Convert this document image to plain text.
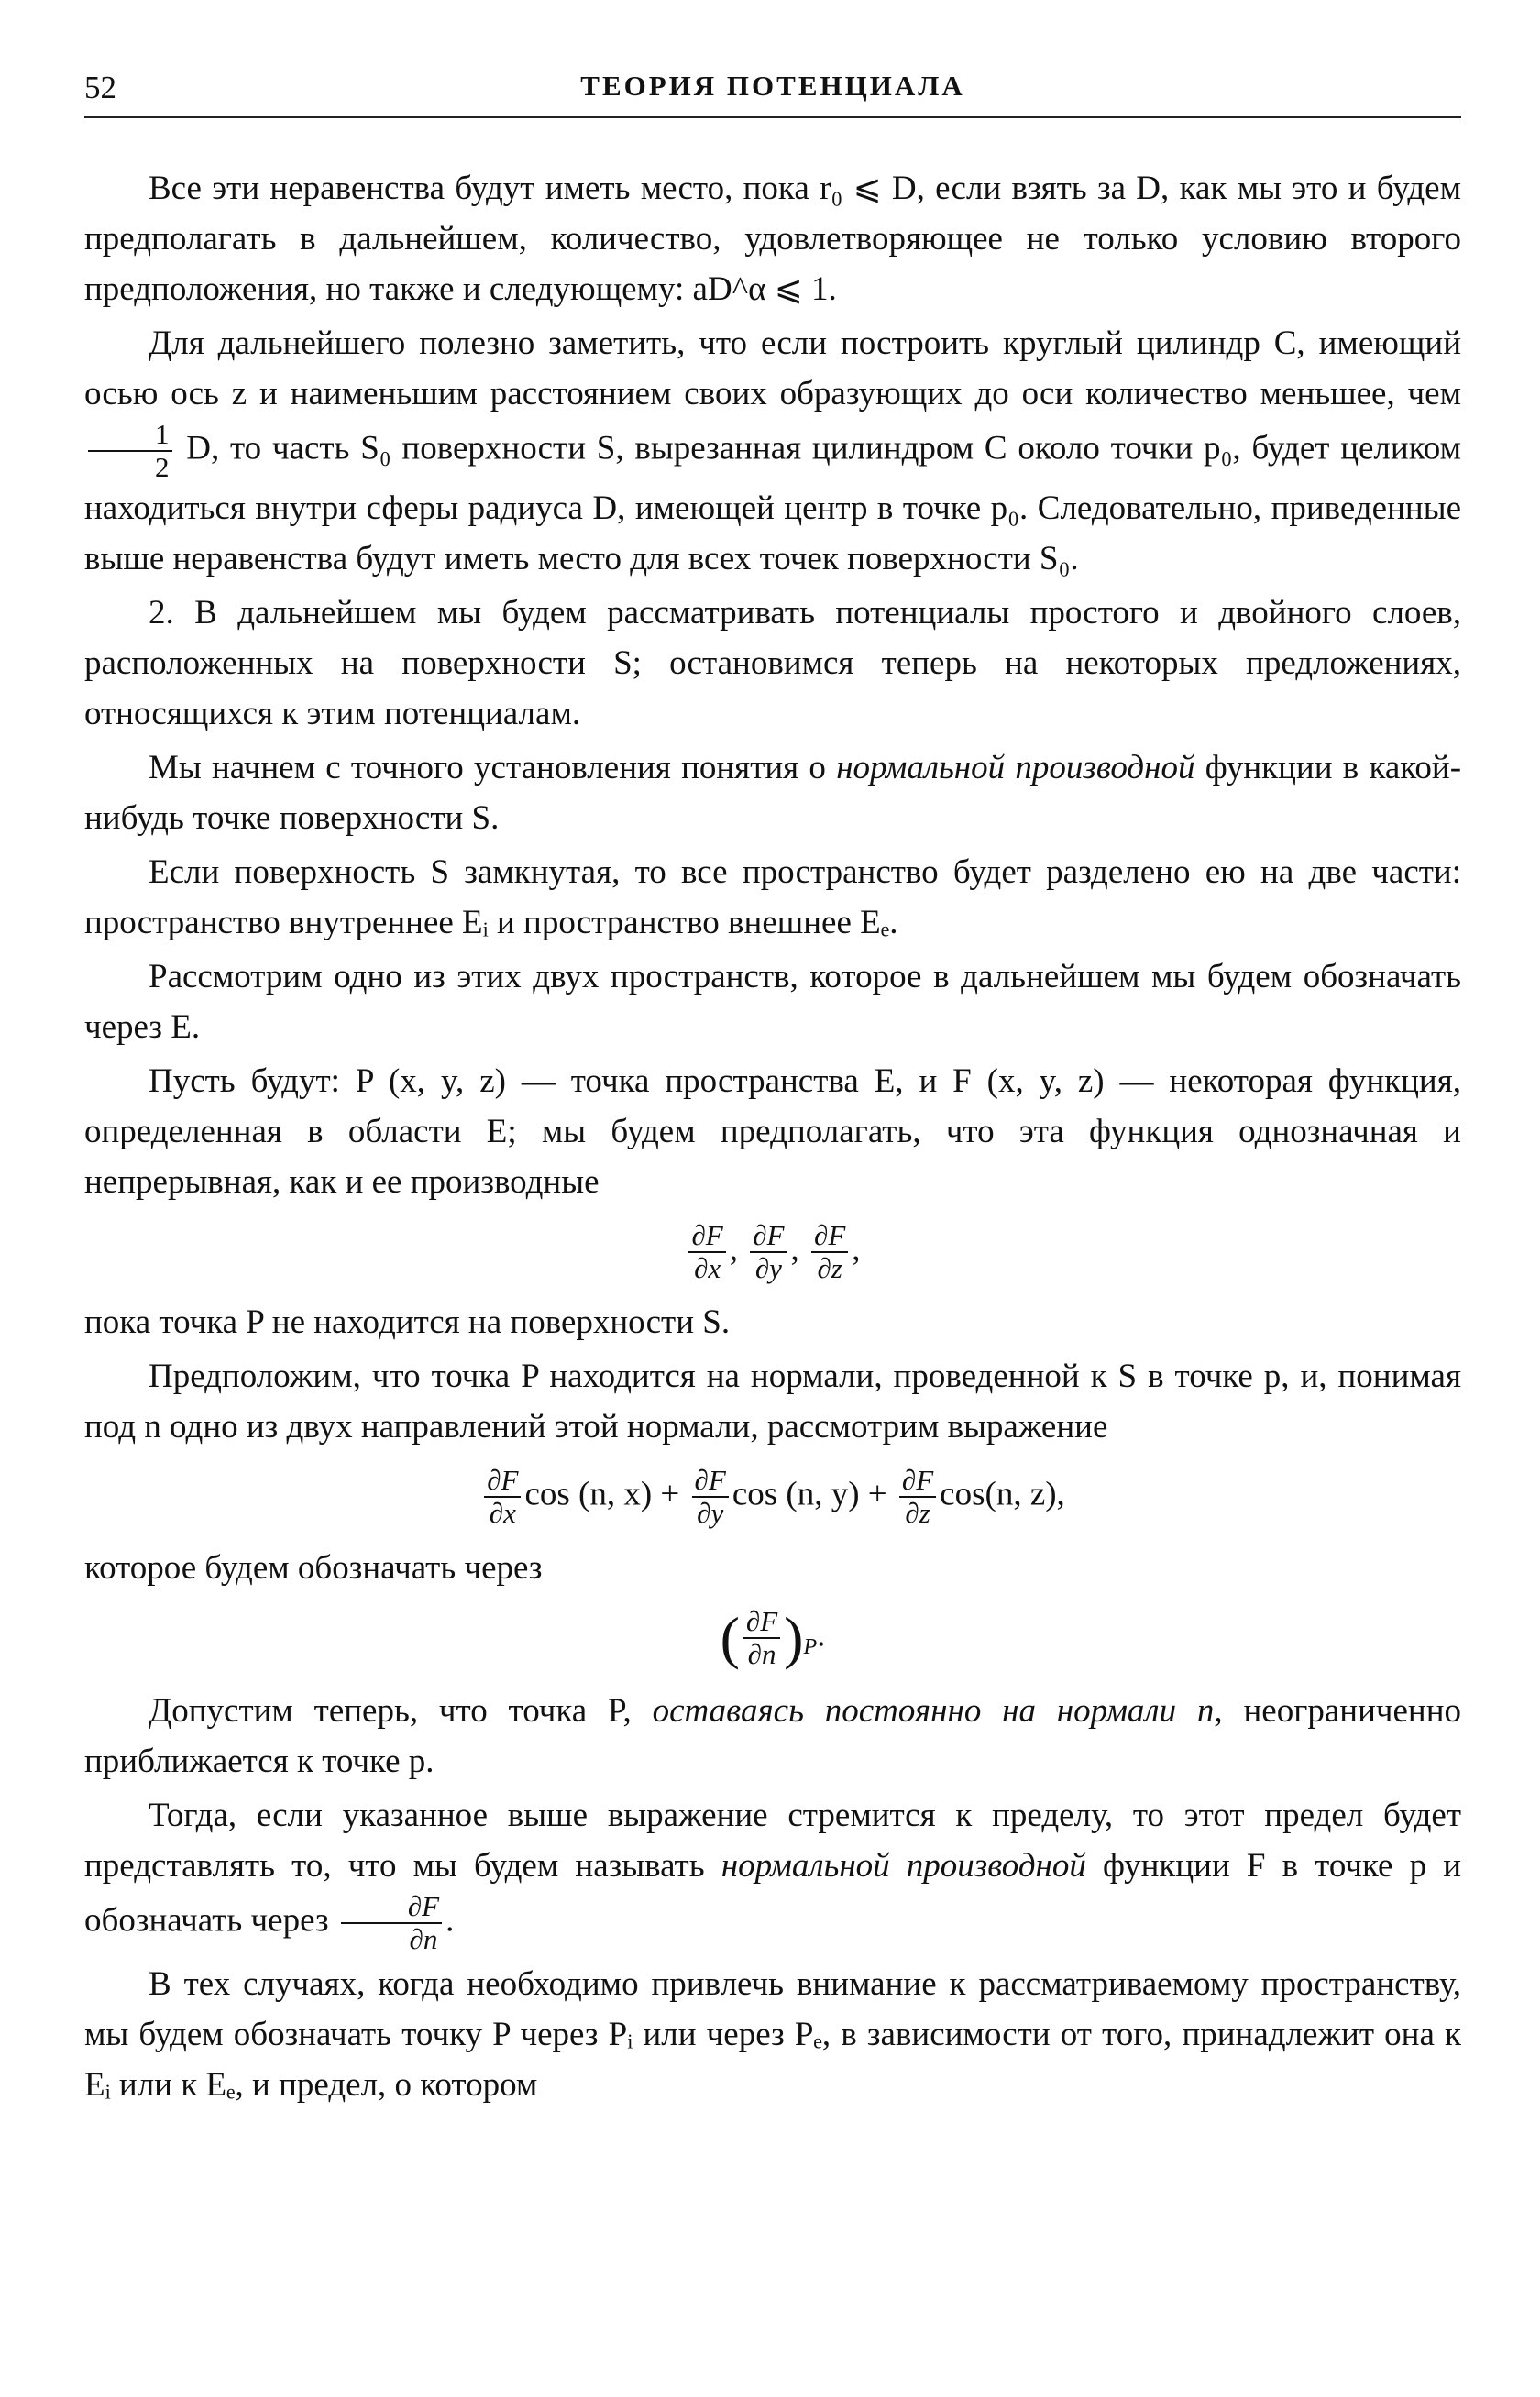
52	ТЕОРИЯ ПОТЕНЦИАЛА

Все эти неравенства будут иметь место, пока r₀ ⩽ D, если взять за D, как мы это и будем предполагать в дальнейшем, количество, удовлетворяющее не только условию второго предположения, но также и следующему: aD^α ⩽ 1.

Для дальнейшего полезно заметить, что если построить круглый цилиндр C, имеющий осью ось z и наименьшим расстоянием своих образующих до оси количество меньшее, чем
$\frac{1}{2} D$, то часть S₀ поверхности S, вырезанная цилиндром C около точки p₀, будет целиком находиться внутри сферы радиуса D, имеющей центр в точке p₀. Следовательно, приведенные выше неравенства будут иметь место для всех точек поверхности S₀.

2. В дальнейшем мы будем рассматривать потенциалы простого и двойного слоев, расположенных на поверхности S; остановимся теперь на некоторых предложениях, относящихся к этим потенциалам.

Мы начнем с точного установления понятия о нормальной производной функции в какой-нибудь точке поверхности S.

Если поверхность S замкнутая, то все пространство будет разделено ею на две части: пространство внутреннее Eᵢ и пространство внешнее Eₑ.

Рассмотрим одно из этих двух пространств, которое в дальнейшем мы будем обозначать через E.

Пусть будут: P (x, y, z) — точка пространства E, и F (x, y, z) — некоторая функция, определенная в области E; мы будем предполагать, что эта функция однозначная и непрерывная, как и ее производные

$\frac{\partial F}{\partial x}$ , $\frac{\partial F}{\partial y}$ , $\frac{\partial F}{\partial z}$ ,

пока точка P не находится на поверхности S.

Предположим, что точка P находится на нормали, проведенной к S в точке p, и, понимая под n одно из двух направлений этой нормали, рассмотрим выражение

$\frac{\partial F}{\partial x}$ cos (n, $x) + \frac{\partial F}{\partial y}$ cos (n, $y) + \frac{\partial F}{\partial z} \cos(n$, z),

которое будем обозначать через

( $\frac{\partial F}{\partial n} )_P$.

Допустим теперь, что точка P, оставаясь постоянно на нормали n, неограниченно приближается к точке p.

Тогда, если указанное выше выражение стремится к пределу, то этот предел будет представлять то, что мы будем называть нормальной производной функции F в точке p и обозначать через $\frac{\partial F}{\partial n}$ .

В тех случаях, когда необходимо привлечь внимание к рассматриваемому пространству, мы будем обозначать точку P через Pᵢ или через Pₑ, в зависимости от того, принадлежит она к Eᵢ или к Eₑ, и предел, о котором
